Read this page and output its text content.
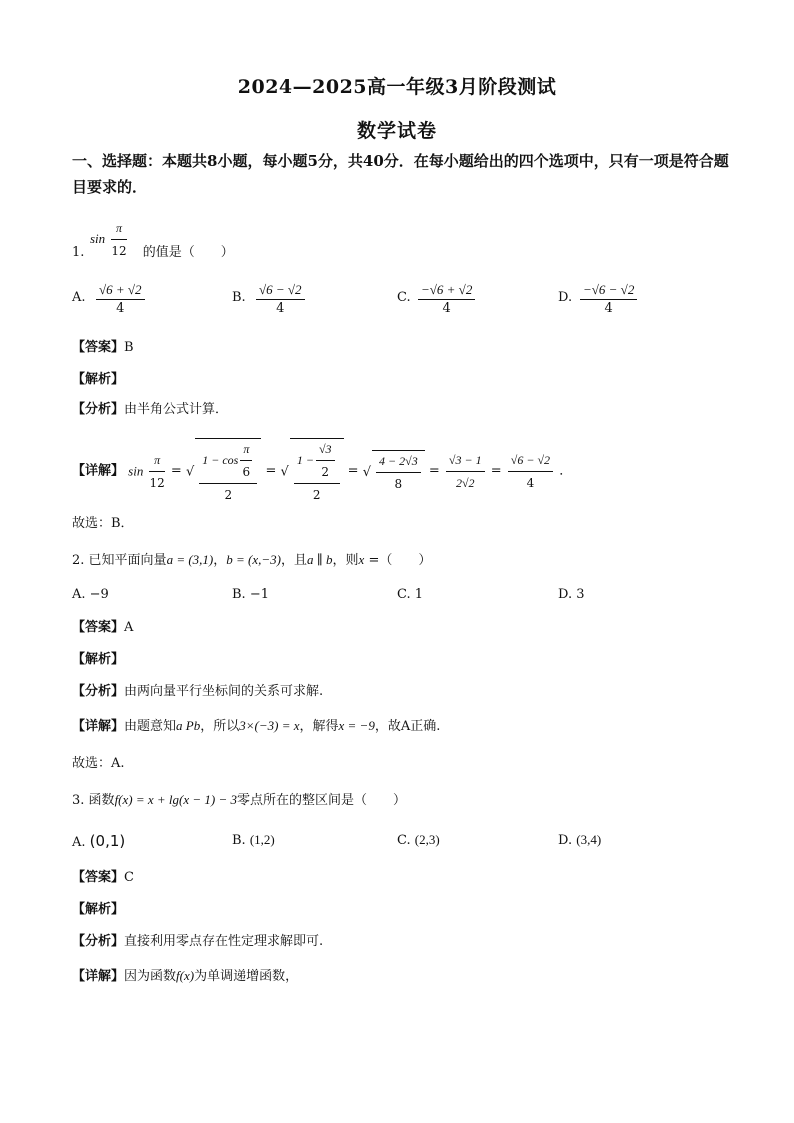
2024—2025高一年级3月阶段测试
数学试卷
一、选择题：本题共8小题，每小题5分，共40分．在每小题给出的四个选项中，只有一项是符合题目要求的．
$\sin \frac{\pi}{12}$
1.	的值是（　　）
A. $\frac{√6 + √2}{4}$	B. $\frac{√6 - √2}{4}$	C. $\frac{-√6 + √2}{4}$	D. $\frac{-√6 - √2}{4}$
【答案】B
【解析】
【分析】由半角公式计算．
【详解】 $\sin \frac{\pi}{12}$ = √ $\frac{1 - \cos \frac{\pi}{6}}{2}$ = √ $\frac{1 - \frac{√3}{2}}{2}$ = √ $\frac{4 - 2√3}{8} = \frac{√3 - 1}{2√2} = \frac{√6 - √2}{4}$ ．
故选：B．
2. 已知平面向量a = (3,1)，b = (x,−3)，且a ∥ b，则x =（　　）
A. −9	B. −1	C. 1	D. 3
【答案】A
【解析】
【分析】由两向量平行坐标间的关系可求解.
【详解】由题意知a Pb，所以3×(−3) = x，解得x = −9，故A正确.
故选：A.
3. 函数f(x) = x + lg(x − 1) − 3零点所在的整区间是（　　）
A. (0,1)	B. (1,2)	C. (2,3)	D. (3,4)
【答案】C
【解析】
【分析】直接利用零点存在性定理求解即可.
【详解】因为函数f(x)为单调递增函数，
